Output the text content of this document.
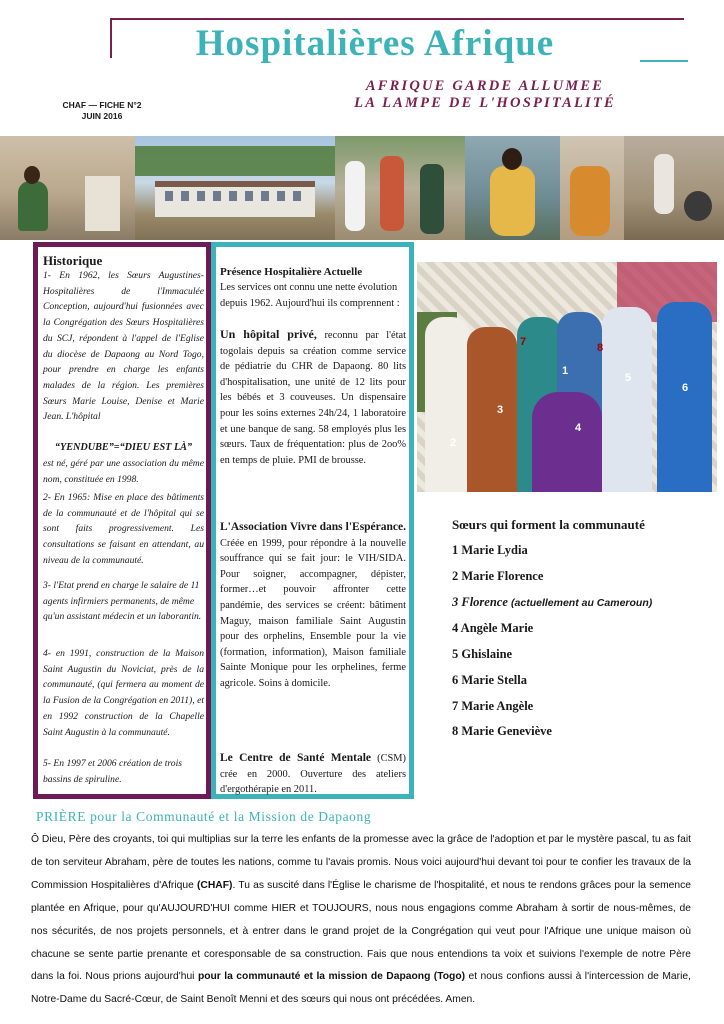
Hospitalières Afrique
AFRIQUE GARDE ALLUMEE
LA LAMPE DE L'HOSPITALITÉ
CHAF — FICHE N°2
JUIN 2016
Historique
1- En 1962, les Sœurs Augustines-Hospitalières de l'Immaculée Conception, aujourd'hui fusionnées avec la Congrégation des Sœurs Hospitalières du SCJ, répondent à l'appel de l'Eglise du diocèse de Dapaong au Nord Togo, pour prendre en charge les enfants malades de la région. Les premières Sœurs Marie Louise, Denise et Marie Jean. L'hôpital
“YENDUBE”=“DIEU EST LÀ”
est né, géré par une association du même nom, constituée en 1998.
2- En 1965: Mise en place des bâtiments de la communauté et de l'hôpital qui se sont faits progressivement. Les consultations se faisant en attendant, au niveau de la communauté.
3- l'Etat prend en charge le salaire de 11 agents infirmiers permanents, de même qu'un assistant médecin et un laborantin.
4- en 1991, construction de la Maison Saint Augustin du Noviciat, près de la communauté, (qui fermera au moment de la Fusion de la Congrégation en 2011), et en 1992 construction de la Chapelle Saint Augustin à la communauté.
5- En 1997 et 2006 création de trois bassins de spiruline.
Présence Hospitalière Actuelle
Les services ont connu une nette évolution depuis 1962. Aujourd'hui ils comprennent :
Un hôpital privé, reconnu par l'état togolais depuis sa création comme service de pédiatrie du CHR de Dapaong. 80 lits d'hospitalisation, une unité de 12 lits pour les bébés et 3 couveuses. Un dispensaire pour les soins externes 24h/24, 1 laboratoire et une banque de sang. 58 employés plus les sœurs. Taux de fréquentation: plus de 2oo% en temps de pluie. PMI de brousse.
L'Association Vivre dans l'Espérance. Créée en 1999, pour répondre à la nouvelle souffrance qui se fait jour: le VIH/SIDA. Pour soigner, accompagner, dépister, former…et pouvoir affronter cette pandémie, des services se créent: bâtiment Maguy, maison familiale Saint Augustin pour des orphelins, Ensemble pour la vie (formation, information), Maison familiale Sainte Monique pour les orphelines, ferme agricole. Soins à domicile.
Le Centre de Santé Mentale (CSM) crée en 2000. Ouverture des ateliers d'ergothérapie en 2011.
7	8
1
5
6
2
3
4
Sœurs qui forment la communauté
1 Marie Lydia
2 Marie Florence
3 Florence (actuellement au Cameroun)
4 Angèle Marie
5 Ghislaine
6 Marie Stella
7 Marie Angèle
8 Marie Geneviève
PRIÈRE pour la Communauté et la Mission de Dapaong
Ô Dieu, Père des croyants, toi qui multiplias sur la terre les enfants de la promesse avec la grâce de l'adoption et par le mystère pascal, tu as fait de ton serviteur Abraham, père de toutes les nations, comme tu l'avais promis. Nous voici aujourd'hui devant toi pour te confier les travaux de la Commission Hospitalières d'Afrique (CHAF). Tu as suscité dans l'Église le charisme de l'hospitalité, et nous te rendons grâces pour la semence plantée en Afrique, pour qu'AUJOURD'HUI comme HIER et TOUJOURS, nous nous engagions comme Abraham à sortir de nous-mêmes, de nos sécurités, de nos projets personnels, et à entrer dans le grand projet de la Congrégation qui veut pour l'Afrique une unique maison où chacune se sente partie prenante et coresponsable de sa construction. Fais que nous entendions ta voix et suivions l'exemple de notre Père dans la foi. Nous prions aujourd'hui pour la communauté et la mission de Dapaong (Togo) et nous confions aussi à l'intercession de Marie, Notre-Dame du Sacré-Cœur, de Saint Benoît Menni et des sœurs qui nous ont précédées. Amen.
